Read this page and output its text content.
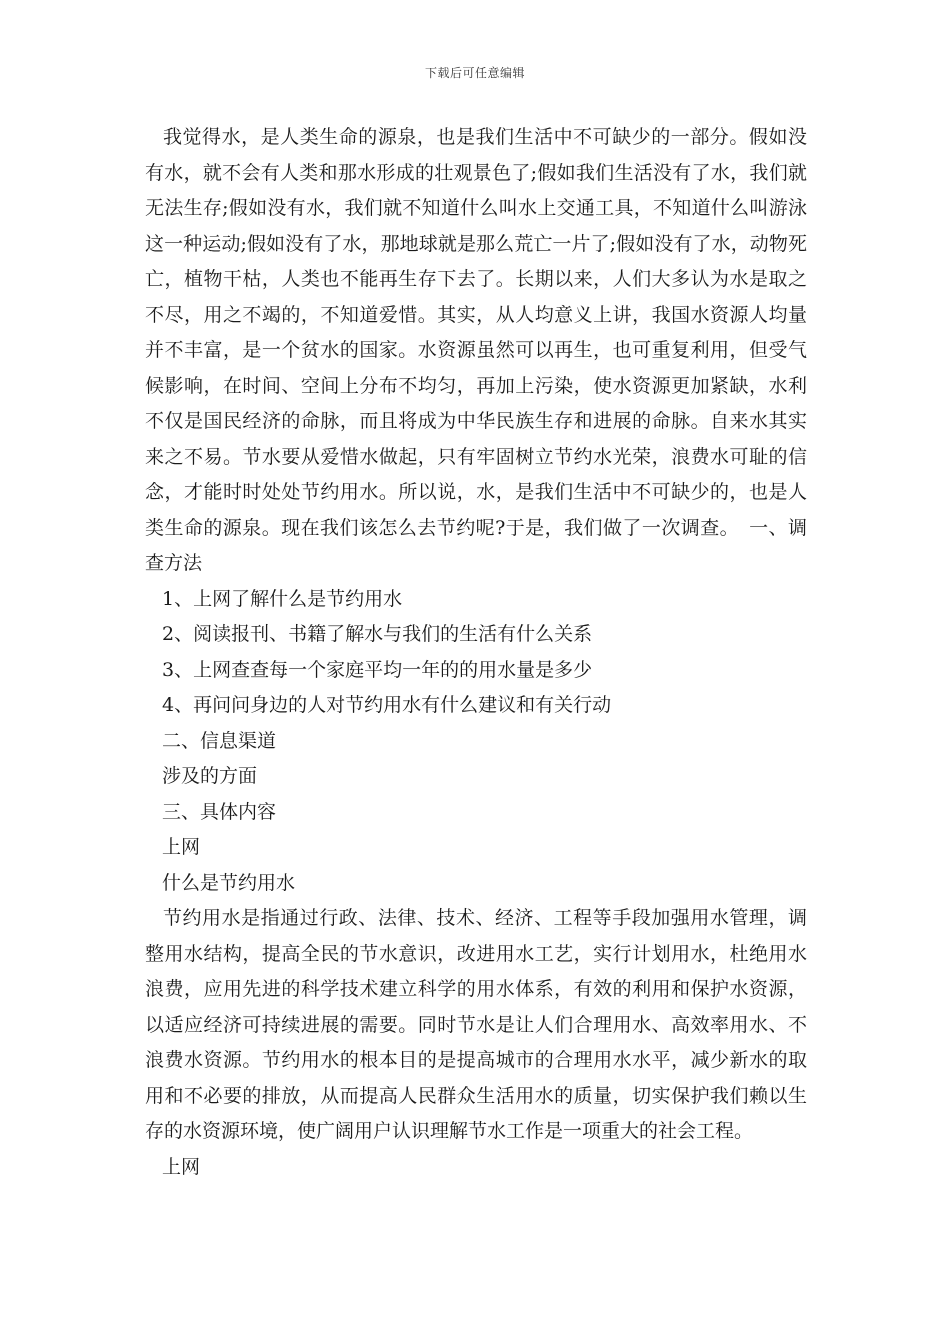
下载后可任意编辑

我觉得水，是人类生命的源泉，也是我们生活中不可缺少的一部分。假如没有水，就不会有人类和那水形成的壮观景色了;假如我们生活没有了水，我们就无法生存;假如没有水，我们就不知道什么叫水上交通工具，不知道什么叫游泳这一种运动;假如没有了水，那地球就是那么荒亡一片了;假如没有了水，动物死亡，植物干枯，人类也不能再生存下去了。长期以来，人们大多认为水是取之不尽，用之不竭的，不知道爱惜。其实，从人均意义上讲，我国水资源人均量并不丰富，是一个贫水的国家。水资源虽然可以再生，也可重复利用，但受气候影响，在时间、空间上分布不均匀，再加上污染，使水资源更加紧缺，水利不仅是国民经济的命脉，而且将成为中华民族生存和进展的命脉。自来水其实来之不易。节水要从爱惜水做起，只有牢固树立节约水光荣，浪费水可耻的信念，才能时时处处节约用水。所以说，水，是我们生活中不可缺少的，也是人类生命的源泉。现在我们该怎么去节约呢?于是，我们做了一次调查。　一、调查方法

1、上网了解什么是节约用水

2、阅读报刊、书籍了解水与我们的生活有什么关系

3、上网查查每一个家庭平均一年的的用水量是多少

4、再问问身边的人对节约用水有什么建议和有关行动

二、信息渠道

涉及的方面

三、具体内容

上网

什么是节约用水

节约用水是指通过行政、法律、技术、经济、工程等手段加强用水管理，调整用水结构，提高全民的节水意识，改进用水工艺，实行计划用水，杜绝用水浪费，应用先进的科学技术建立科学的用水体系，有效的利用和保护水资源，以适应经济可持续进展的需要。同时节水是让人们合理用水、高效率用水、不浪费水资源。节约用水的根本目的是提高城市的合理用水水平，减少新水的取用和不必要的排放，从而提高人民群众生活用水的质量，切实保护我们赖以生存的水资源环境，使广阔用户认识理解节水工作是一项重大的社会工程。

上网
